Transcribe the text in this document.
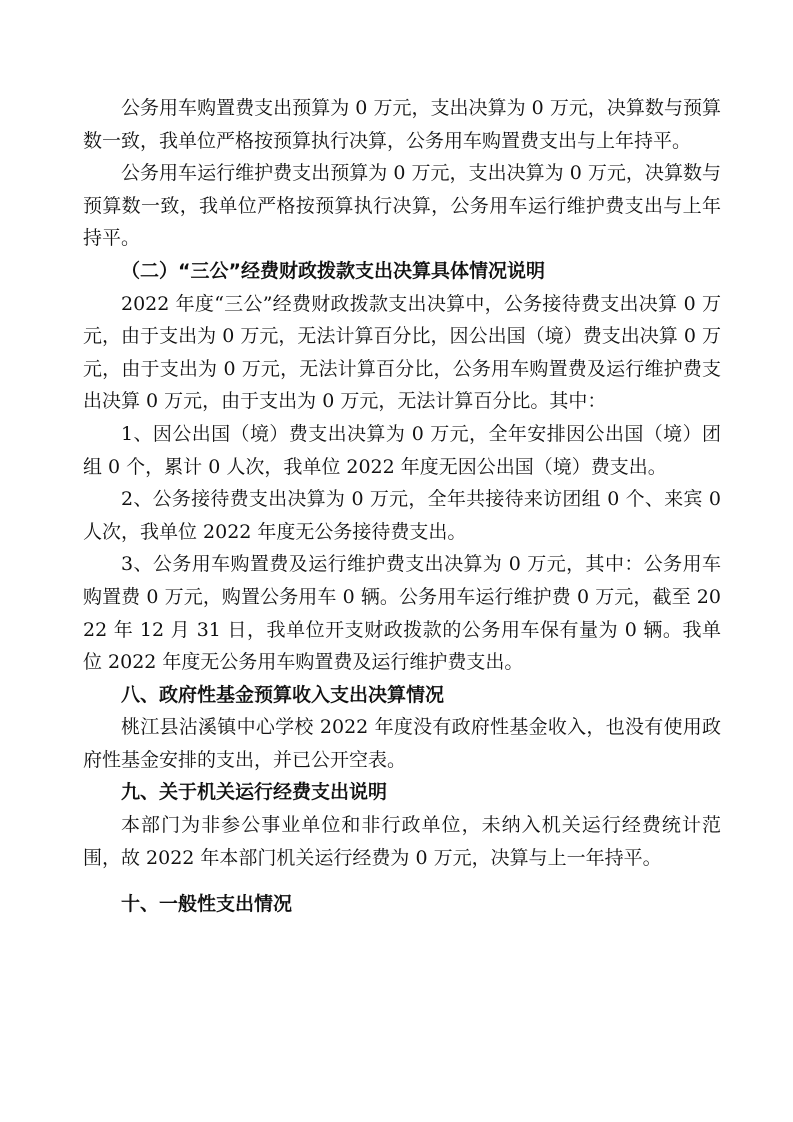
公务用车购置费支出预算为 0 万元，支出决算为 0 万元，决算数与预算数一致，我单位严格按预算执行决算，公务用车购置费支出与上年持平。

公务用车运行维护费支出预算为 0 万元，支出决算为 0 万元，决算数与预算数一致，我单位严格按预算执行决算，公务用车运行维护费支出与上年持平。

（二）“三公”经费财政拨款支出决算具体情况说明

2022 年度“三公”经费财政拨款支出决算中，公务接待费支出决算 0 万元，由于支出为 0 万元，无法计算百分比，因公出国（境）费支出决算 0 万元，由于支出为 0 万元，无法计算百分比，公务用车购置费及运行维护费支出决算 0 万元，由于支出为 0 万元，无法计算百分比。其中：

1、因公出国（境）费支出决算为 0 万元，全年安排因公出国（境）团组 0 个，累计 0 人次，我单位 2022 年度无因公出国（境）费支出。

2、公务接待费支出决算为 0 万元，全年共接待来访团组 0 个、来宾 0 人次，我单位 2022 年度无公务接待费支出。

3、公务用车购置费及运行维护费支出决算为 0 万元，其中：公务用车购置费 0 万元，购置公务用车 0 辆。公务用车运行维护费 0 万元，截至 2022 年 12 月 31 日，我单位开支财政拨款的公务用车保有量为 0 辆。我单位 2022 年度无公务用车购置费及运行维护费支出。

八、政府性基金预算收入支出决算情况

桃江县沾溪镇中心学校 2022 年度没有政府性基金收入，也没有使用政府性基金安排的支出，并已公开空表。

九、关于机关运行经费支出说明

本部门为非参公事业单位和非行政单位，未纳入机关运行经费统计范围，故 2022 年本部门机关运行经费为 0 万元，决算与上一年持平。

十、一般性支出情况
